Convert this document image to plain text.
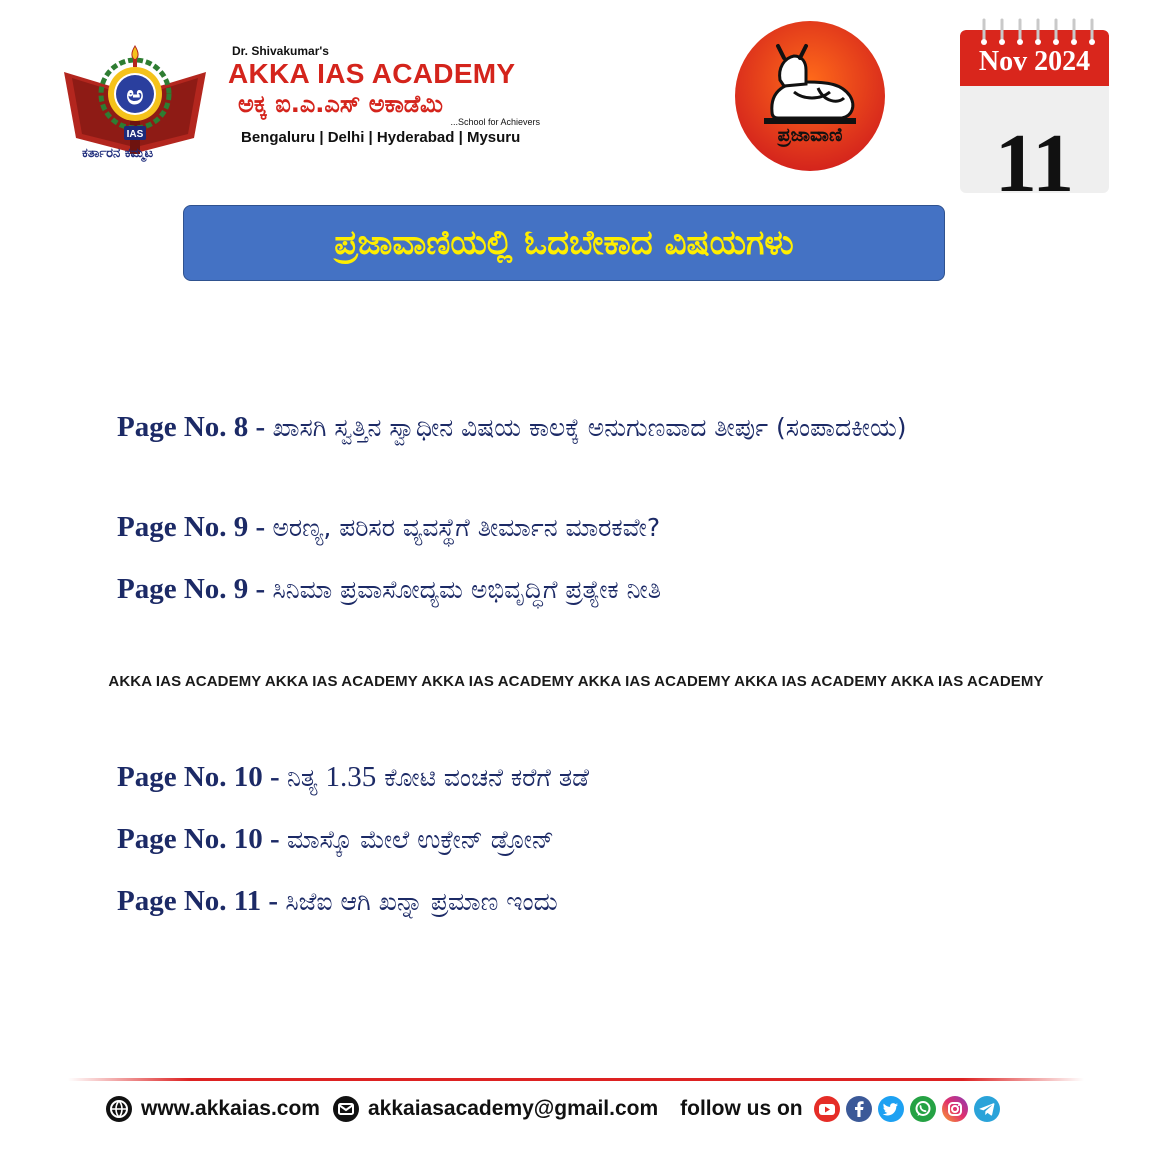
ಅ
IAS
ಕರ್ತಾರನ ಕಮ್ಮಟ
Dr. Shivakumar's
AKKA IAS ACADEMY
ಅಕ್ಕ ಐ.ಎ.ಎಸ್ ಅಕಾಡೆಮಿ
...School for Achievers
Bengaluru | Delhi | Hyderabad | Mysuru	ಪ್ರಜಾವಾಣಿ
Nov 2024
11
ಪ್ರಜಾವಾಣಿಯಲ್ಲಿ ಓದಬೇಕಾದ ವಿಷಯಗಳು

Page No. 8 - ಖಾಸಗಿ ಸ್ವತ್ತಿನ ಸ್ವಾಧೀನ ವಿಷಯ ಕಾಲಕ್ಕೆ ಅನುಗುಣವಾದ ತೀರ್ಪು (ಸಂಪಾದಕೀಯ)

Page No. 9 - ಅರಣ್ಯ, ಪರಿಸರ ವ್ಯವಸ್ಥೆಗೆ ತೀರ್ಮಾನ ಮಾರಕವೇ?

Page No. 9 - ಸಿನಿಮಾ ಪ್ರವಾಸೋದ್ಯಮ ಅಭಿವೃದ್ಧಿಗೆ ಪ್ರತ್ಯೇಕ ನೀತಿ

AKKA IAS ACADEMY AKKA IAS ACADEMY AKKA IAS ACADEMY AKKA IAS ACADEMY AKKA IAS ACADEMY AKKA IAS ACADEMY

Page No. 10 - ನಿತ್ಯ 1.35 ಕೋಟಿ ವಂಚನೆ ಕರೆಗೆ ತಡೆ

Page No. 10 - ಮಾಸ್ಕೊ ಮೇಲೆ ಉಕ್ರೇನ್ ಡ್ರೋನ್

Page No. 11 - ಸಿಜೆಐ ಆಗಿ ಖನ್ನಾ ಪ್ರಮಾಣ ಇಂದು

www.akkaias.com akkaiasacademy@gmail.com follow us on
